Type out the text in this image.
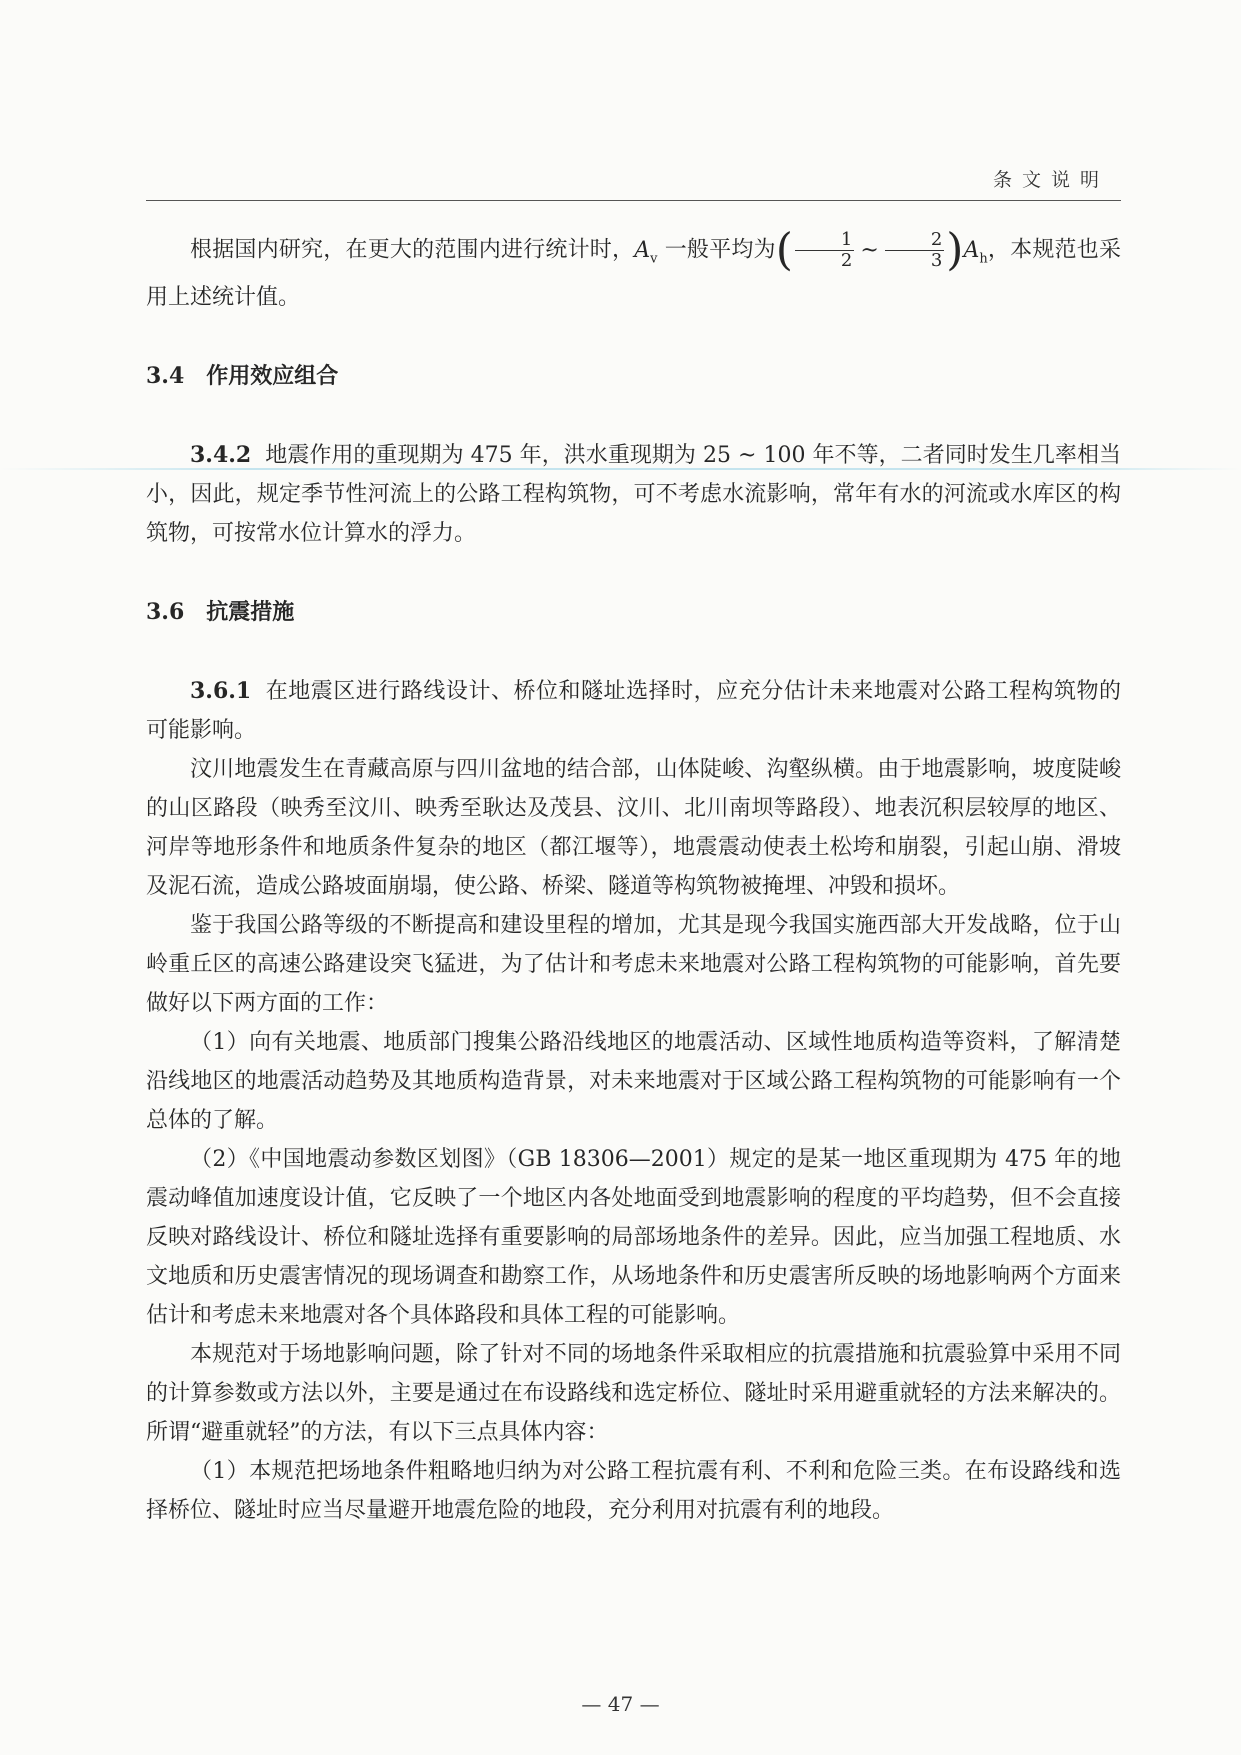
条文说明

根据国内研究，在更大的范围内进行统计时，$A_v$ 一般平均为( $\frac{1}{2}$ ~ $\frac{2}{3} )A_h$，本规范也采用上述统计值。

3.4 作用效应组合

3.4.2 地震作用的重现期为 475 年，洪水重现期为 25 ~ 100 年不等，二者同时发生几率相当小，因此，规定季节性河流上的公路工程构筑物，可不考虑水流影响，常年有水的河流或水库区的构筑物，可按常水位计算水的浮力。

3.6 抗震措施

3.6.1 在地震区进行路线设计、桥位和隧址选择时，应充分估计未来地震对公路工程构筑物的可能影响。

汶川地震发生在青藏高原与四川盆地的结合部，山体陡峻、沟壑纵横。由于地震影响，坡度陡峻的山区路段（映秀至汶川、映秀至耿达及茂县、汶川、北川南坝等路段）、地表沉积层较厚的地区、河岸等地形条件和地质条件复杂的地区（都江堰等），地震震动使表土松垮和崩裂，引起山崩、滑坡及泥石流，造成公路坡面崩塌，使公路、桥梁、隧道等构筑物被掩埋、冲毁和损坏。

鉴于我国公路等级的不断提高和建设里程的增加，尤其是现今我国实施西部大开发战略，位于山岭重丘区的高速公路建设突飞猛进，为了估计和考虑未来地震对公路工程构筑物的可能影响，首先要做好以下两方面的工作：

（1）向有关地震、地质部门搜集公路沿线地区的地震活动、区域性地质构造等资料，了解清楚沿线地区的地震活动趋势及其地质构造背景，对未来地震对于区域公路工程构筑物的可能影响有一个总体的了解。

（2）《中国地震动参数区划图》（GB 18306—2001）规定的是某一地区重现期为 475 年的地震动峰值加速度设计值，它反映了一个地区内各处地面受到地震影响的程度的平均趋势，但不会直接反映对路线设计、桥位和隧址选择有重要影响的局部场地条件的差异。因此，应当加强工程地质、水文地质和历史震害情况的现场调查和勘察工作，从场地条件和历史震害所反映的场地影响两个方面来估计和考虑未来地震对各个具体路段和具体工程的可能影响。

本规范对于场地影响问题，除了针对不同的场地条件采取相应的抗震措施和抗震验算中采用不同的计算参数或方法以外，主要是通过在布设路线和选定桥位、隧址时采用避重就轻的方法来解决的。所谓“避重就轻”的方法，有以下三点具体内容：

（1）本规范把场地条件粗略地归纳为对公路工程抗震有利、不利和危险三类。在布设路线和选择桥位、隧址时应当尽量避开地震危险的地段，充分利用对抗震有利的地段。

— 47 —
